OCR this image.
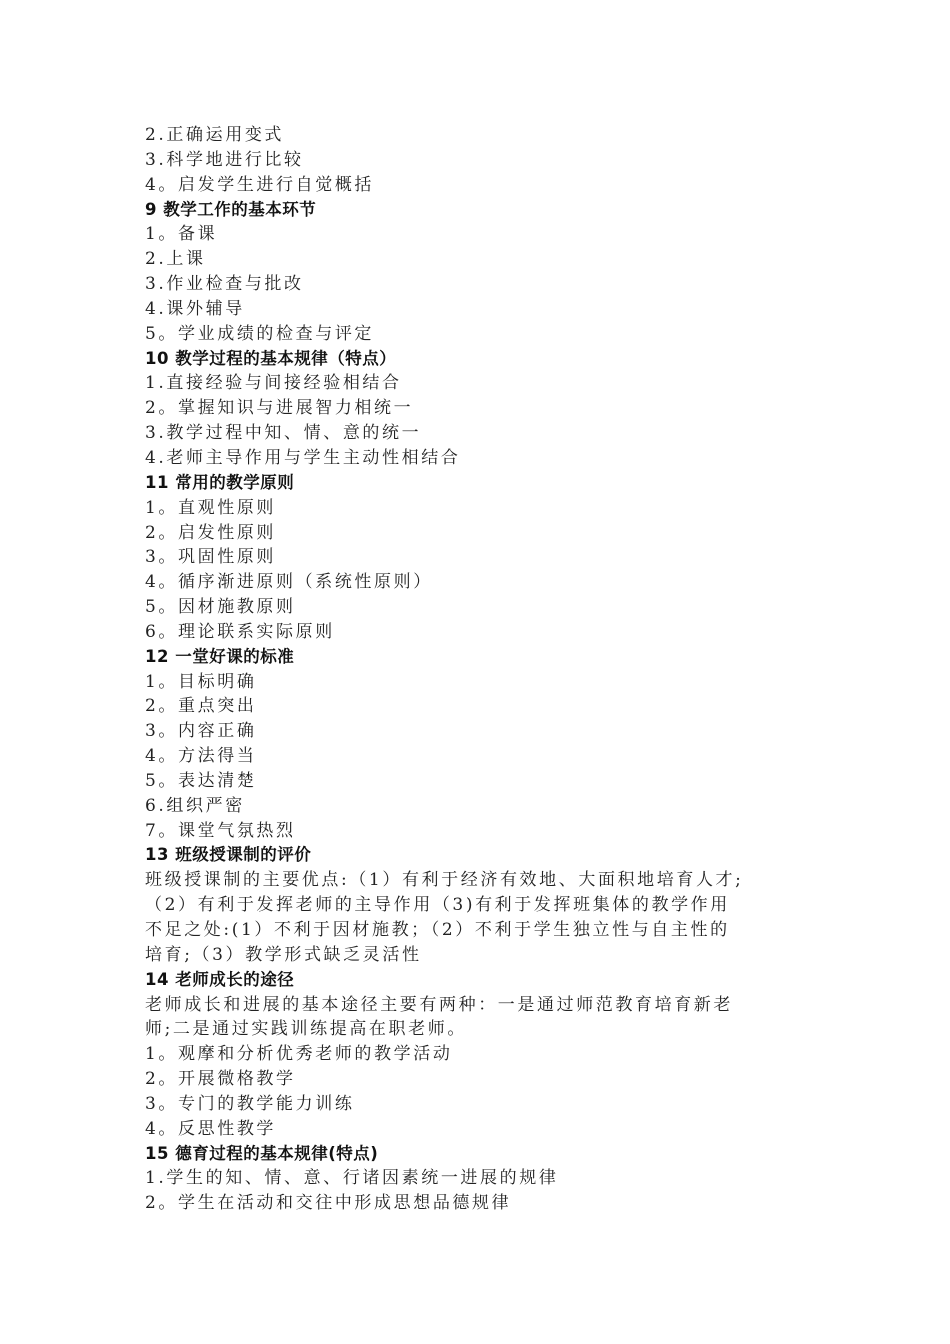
2.正确运用变式
3.科学地进行比较
4。启发学生进行自觉概括
9 教学工作的基本环节
1。备课
2.上课
3.作业检查与批改
4.课外辅导
5。学业成绩的检查与评定
10 教学过程的基本规律（特点）
1.直接经验与间接经验相结合
2。掌握知识与进展智力相统一
3.教学过程中知、情、意的统一
4.老师主导作用与学生主动性相结合
11 常用的教学原则
1。直观性原则
2。启发性原则
3。巩固性原则
4。循序渐进原则（系统性原则）
5。因材施教原则
6。理论联系实际原则
12 一堂好课的标准
1。目标明确
2。重点突出
3。内容正确
4。方法得当
5。表达清楚
6.组织严密
7。课堂气氛热烈
13 班级授课制的评价
班级授课制的主要优点:（1）有利于经济有效地、大面积地培育人才;
（2）有利于发挥老师的主导作用（3)有利于发挥班集体的教学作用
不足之处:(1）不利于因材施教；（2）不利于学生独立性与自主性的
培育;（3）教学形式缺乏灵活性
14 老师成长的途径
老师成长和进展的基本途径主要有两种：一是通过师范教育培育新老
师;二是通过实践训练提高在职老师。
1。观摩和分析优秀老师的教学活动
2。开展微格教学
3。专门的教学能力训练
4。反思性教学
15 德育过程的基本规律(特点)
1.学生的知、情、意、行诸因素统一进展的规律
2。学生在活动和交往中形成思想品德规律
